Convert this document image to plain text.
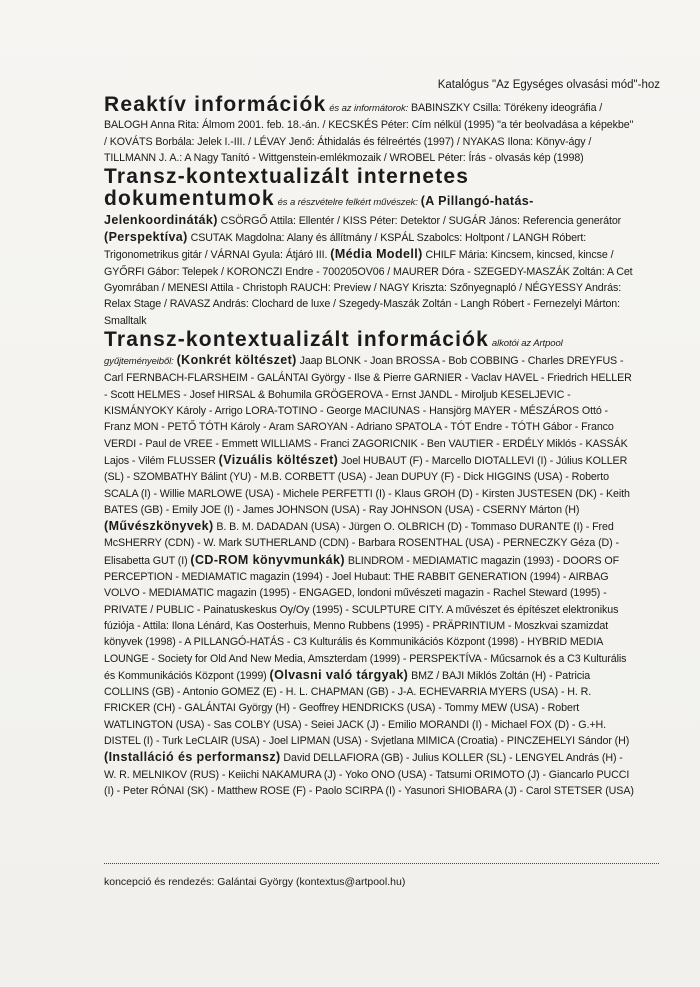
Katalógus "Az Egységes olvasási mód"-hoz
Reaktív információk és az informátorok: BABINSZKY Csilla: Törékeny ideográfia / BALOGH Anna Rita: Álmom 2001. feb. 18.-án. / KECSKÉS Péter: Cím nélkül (1995) "a tér beolvadása a képekbe" / KOVÁTS Borbála: Jelek I.-III. / LÉVAY Jenő: Áthidalás és félreértés (1997) / NYAKAS Ilona: Könyv-ágy / TILLMANN J. A.: A Nagy Tanító - Wittgenstein-emlékmozaik / WROBEL Péter: Írás - olvasás kép (1998)
Transz-kontextualizált internetes dokumentumok és a részvételre felkért művészek: (A Pillangó-hatás-Jelenkoordináták) CSÖRGŐ Attila: Ellentér / KISS Péter: Detektor / SUGÁR János: Referencia generátor (Perspektíva) CSUTAK Magdolna: Alany és állítmány / KSPÁL Szabolcs: Holtpont / LANGH Róbert: Trigonometrikus gitár / VÁRNAI Gyula: Átjáró III. (Média Modell) CHILF Mária: Kincsem, kincsed, kincse / GYŐRFI Gábor: Telepek / KORONCZI Endre - 700205OV06 / MAURER Dóra - SZEGEDY-MASZÁK Zoltán: A Cet Gyomrában / MENESI Attila - Christoph RAUCH: Preview / NAGY Kriszta: Szőnyegnapló / NÉGYESSY András: Relax Stage / RAVASZ András: Clochard de luxe / Szegedy-Maszák Zoltán - Langh Róbert - Fernezelyi Márton: Smalltalk
Transz-kontextualizált információk alkotói az Artpool gyűjteményeiből: (Konkrét költészet) Jaap BLONK - Joan BROSSA - Bob COBBING - Charles DREYFUS - Carl FERNBACH-FLARSHEIM - GALÁNTAI György - Ilse & Pierre GARNIER - Vaclav HAVEL - Friedrich HELLER - Scott HELMES - Josef HIRSAL & Bohumila GRÖGEROVA - Ernst JANDL - Miroljub KESELJEVIC - KISMÁNYOKY Károly - Arrigo LORA-TOTINO - George MACIUNAS - Hansjörg MAYER - MÉSZÁROS Ottó - Franz MON - PETŐ TÓTH Károly - Aram SAROYAN - Adriano SPATOLA - TÓT Endre - TÓTH Gábor - Franco VERDI - Paul de VREE - Emmett WILLIAMS - Franci ZAGORICNIK - Ben VAUTIER - ERDÉLY Miklós - KASSÁK Lajos - Vilém FLUSSER (Vizuális költészet) Joel HUBAUT (F) - Marcello DIOTALLEVI (I) - Július KOLLER (SL) - SZOMBATHY Bálint (YU) - M.B. CORBETT (USA) - Jean DUPUY (F) - Dick HIGGINS (USA) - Roberto SCALA (I) - Willie MARLOWE (USA) - Michele PERFETTI (I) - Klaus GROH (D) - Kirsten JUSTESEN (DK) - Keith BATES (GB) - Emily JOE (I) - James JOHNSON (USA) - Ray JOHNSON (USA) - CSERNY Márton (H) (Művészkönyvek) B. B. M. DADADAN (USA) - Jürgen O. OLBRICH (D) - Tommaso DURANTE (I) - Fred McSHERRY (CDN) - W. Mark SUTHERLAND (CDN) - Barbara ROSENTHAL (USA) - PERNECZKY Géza (D) - Elisabetta GUT (I) (CD-ROM könyvmunkák) BLINDROM - MEDIAMATIC magazin (1993) - DOORS OF PERCEPTION - MEDIAMATIC magazin (1994) - Joel Hubaut: THE RABBIT GENERATION (1994) - AIRBAG VOLVO - MEDIAMATIC magazin (1995) - ENGAGED, londoni művészeti magazin - Rachel Steward (1995) - PRIVATE / PUBLIC - Painatuskeskus Oy/Oy (1995) - SCULPTURE CITY. A művészet és építészet elektronikus fúziója - Attila: Ilona Lénárd, Kas Oosterhuis, Menno Rubbens (1995) - PRÄPRINTIUM - Moszkvai szamizdat könyvek (1998) - A PILLANGÓ-HATÁS - C3 Kulturális és Kommunikációs Központ (1998) - HYBRID MEDIA LOUNGE - Society for Old And New Media, Amszterdam (1999) - PERSPEKTÍVA - Műcsarnok és a C3 Kulturális és Kommunikációs Központ (1999) (Olvasni való tárgyak) BMZ / BAJI Miklós Zoltán (H) - Patricia COLLINS (GB) - Antonio GOMEZ (E) - H. L. CHAPMAN (GB) - J-A. ECHEVARRIA MYERS (USA) - H. R. FRICKER (CH) - GALÁNTAI György (H) - Geoffrey HENDRICKS (USA) - Tommy MEW (USA) - Robert WATLINGTON (USA) - Sas COLBY (USA) - Seiei JACK (J) - Emilio MORANDI (I) - Michael FOX (D) - G.+H. DISTEL (I) - Turk LeCLAIR (USA) - Joel LIPMAN (USA) - Svjetlana MIMICA (Croatia) - PINCZEHELYI Sándor (H) (Installáció és performansz) David DELLAFIORA (GB) - Julius KOLLER (SL) - LENGYEL András (H) - W. R. MELNIKOV (RUS) - Keiichi NAKAMURA (J) - Yoko ONO (USA) - Tatsumi ORIMOTO (J) - Giancarlo PUCCI (I) - Peter RÓNAI (SK) - Matthew ROSE (F) - Paolo SCIRPA (I) - Yasunori SHIOBARA (J) - Carol STETSER (USA)
koncepció és rendezés: Galántai György (kontextus@artpool.hu)
